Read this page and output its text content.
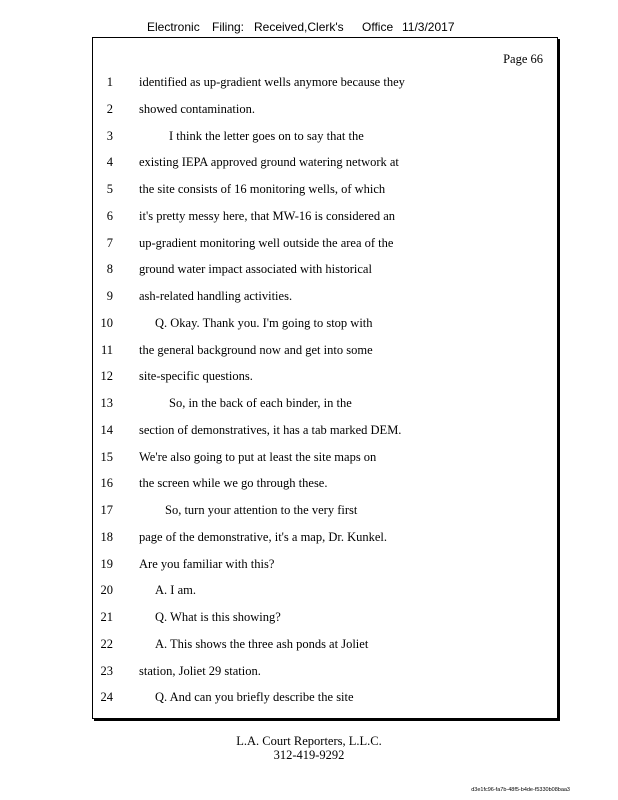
Electronic Filing: Received,Clerk's Office 11/3/2017
Page 66
1 identified as up-gradient wells anymore because they
2 showed contamination.
3	I think the letter goes on to say that the
4 existing IEPA approved ground watering network at
5 the site consists of 16 monitoring wells, of which
6 it's pretty messy here, that MW-16 is considered an
7 up-gradient monitoring well outside the area of the
8 ground water impact associated with historical
9 ash-related handling activities.
10	Q. Okay. Thank you. I'm going to stop with
11 the general background now and get into some
12 site-specific questions.
13	So, in the back of each binder, in the
14 section of demonstratives, it has a tab marked DEM.
15 We're also going to put at least the site maps on
16 the screen while we go through these.
17	So, turn your attention to the very first
18 page of the demonstrative, it's a map, Dr. Kunkel.
19 Are you familiar with this?
20	A. I am.
21	Q. What is this showing?
22	A. This shows the three ash ponds at Joliet
23 station, Joliet 29 station.
24	Q. And can you briefly describe the site
L.A. Court Reporters, L.L.C.
312-419-9292
d3e1fc96-fa7b-48f5-b4de-f5330b08baa3
